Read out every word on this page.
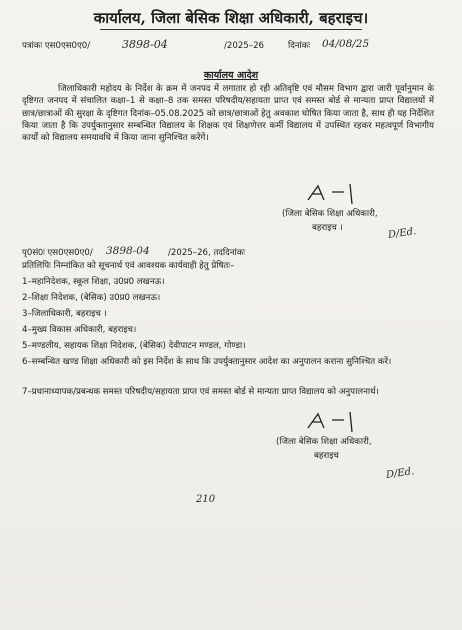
कार्यालय, जिला बेसिक शिक्षा अधिकारी, बहराइच।
पत्रांकः एस0एस0ए0/	3898-04	/2025–26	दिनांकः 04/08/25
कार्यालय आदेश
जिलाधिकारी महोदय के निर्देश के क्रम में जनपद में लगातार हो रही अतिवृष्टि एवं मौसम विभाग द्वारा जारी पूर्वानुमान के दृष्टिगत जनपद में संचालित कक्षा–1 से कक्षा–8 तक समस्त परिषदीय/सहायता प्राप्त एवं समस्त बोर्ड से मान्यता प्राप्त विद्यालयों में छात्र/छात्राओं की सुरक्षा के दृष्टिगत दिनांक–05.08.2025 को छात्र/छात्राओं हेतु अवकाश घोषित किया जाता है, साथ ही यह निर्देशित किया जाता है कि उपर्युक्तानुसार सम्बन्धित विद्यालय के शिक्षक एवं शिक्षणेत्तर कर्मी विद्यालय में उपस्थित रहकर महत्वपूर्ण विभागीय कार्यों को विद्यालय समयावधि में किया जाना सुनिश्चित करेंगें।
(जिला बेसिक शिक्षा अधिकारी,
बहराइच ।	D/Ed.
पृ0सं0ः एस0एस0ए0/ 3898-04 /2025–26, तददिनांकः
प्रतिलिपिः निम्नांकित को सूचनार्थ एवं आवश्यक कार्यवाही हेतु प्रेषितः–
1–महानिदेशक, स्कूल शिक्षा, उ0प्र0 लखनऊ।
2–शिक्षा निदेशक, (बेसिक) उ0प्र0 लखनऊ।
3–जिलाधिकारी, बहराइच ।
4–मुख्य विकास अधिकारी, बहराइच।
5–मण्डलीय, सहायक शिक्षा निदेशक, (बेसिक) देवीपाटन मण्डल, गोण्डा।
6–सम्बन्धित खण्ड शिक्षा अधिकारी को इस निर्देश के साथ कि उपर्युक्तानुसार आदेश का अनुपालन कराना सुनिश्चित करें।
7–प्रधानाध्यापक/प्रबन्धक समस्त परिषदीय/सहायता प्राप्त एवं समस्त बोर्ड से मान्यता प्राप्त विद्यालय को अनुपालनार्थ।
(जिला बेसिक शिक्षा अधिकारी,
बहराइच
D/Ed.
210
